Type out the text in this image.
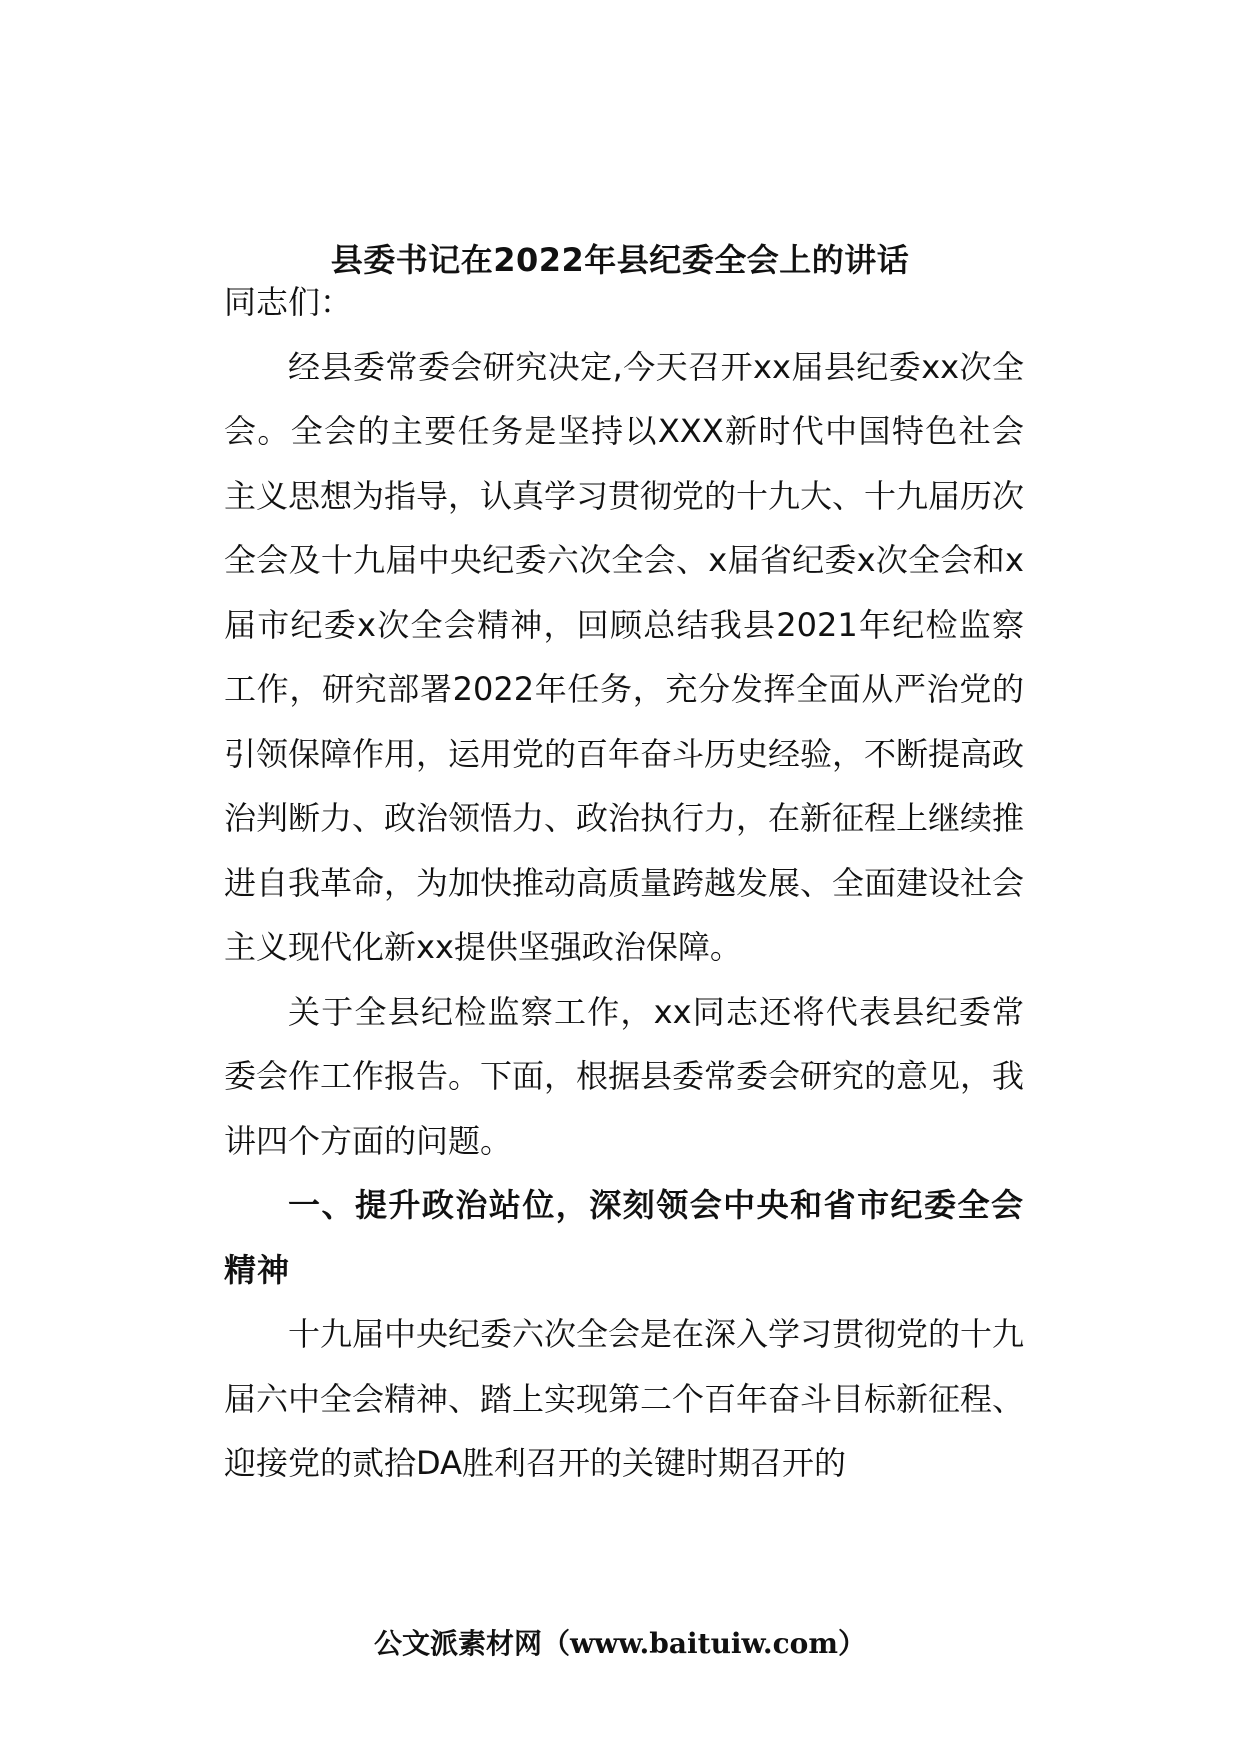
县委书记在2022年县纪委全会上的讲话

同志们：

经县委常委会研究决定,今天召开xx届县纪委xx次全会。全会的主要任务是坚持以XXX新时代中国特色社会主义思想为指导，认真学习贯彻党的十九大、十九届历次全会及十九届中央纪委六次全会、x届省纪委x次全会和x届市纪委x次全会精神，回顾总结我县2021年纪检监察工作，研究部署2022年任务，充分发挥全面从严治党的引领保障作用，运用党的百年奋斗历史经验，不断提高政治判断力、政治领悟力、政治执行力，在新征程上继续推进自我革命，为加快推动高质量跨越发展、全面建设社会主义现代化新xx提供坚强政治保障。

关于全县纪检监察工作，xx同志还将代表县纪委常委会作工作报告。下面，根据县委常委会研究的意见，我讲四个方面的问题。

一、提升政治站位，深刻领会中央和省市纪委全会精神

十九届中央纪委六次全会是在深入学习贯彻党的十九届六中全会精神、踏上实现第二个百年奋斗目标新征程、迎接党的贰拾DA胜利召开的关键时期召开的

公文派素材网（www.baituiw.com）
